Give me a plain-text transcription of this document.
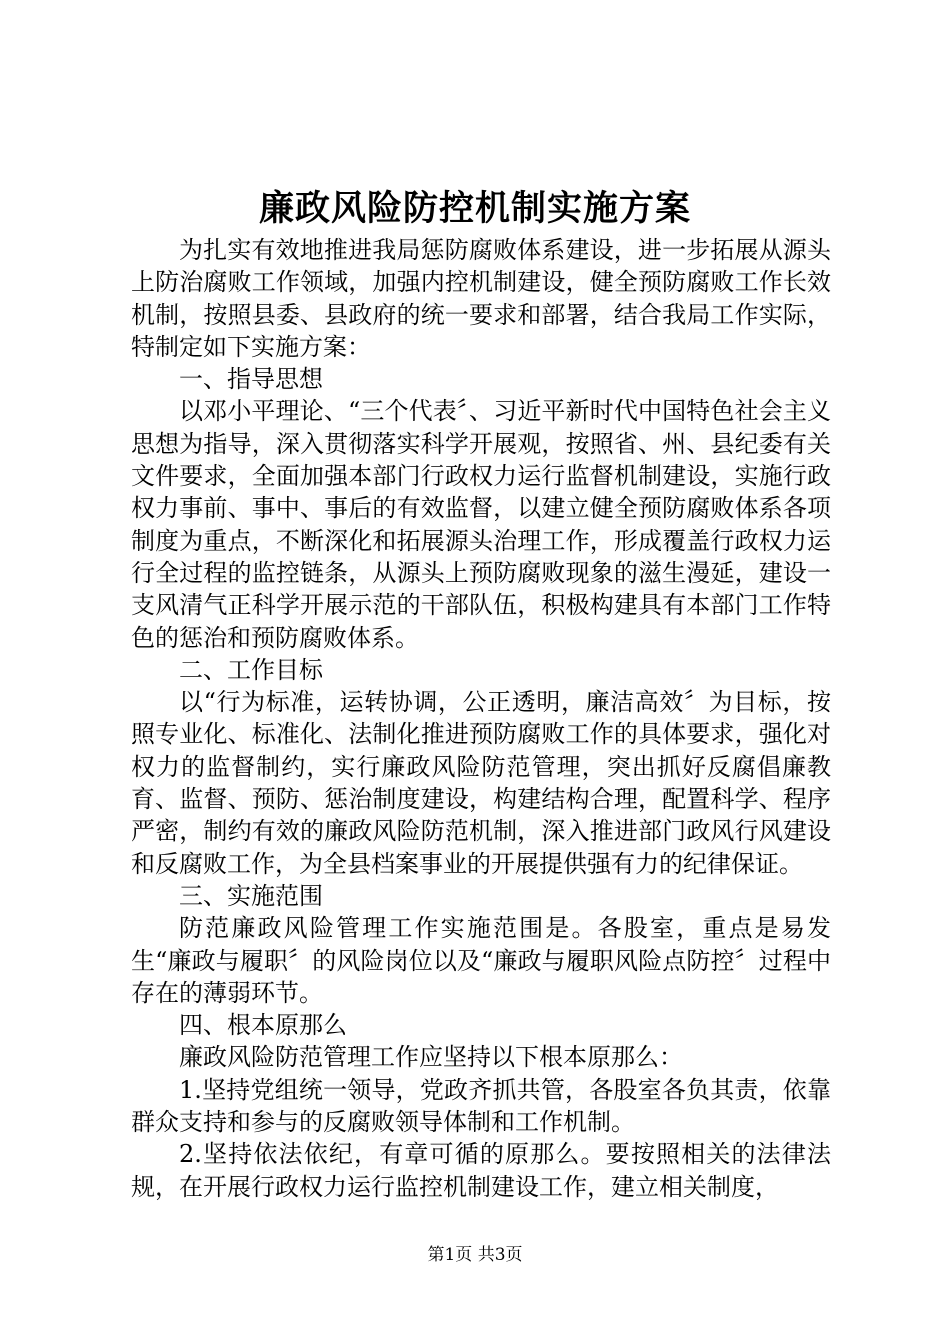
廉政风险防控机制实施方案

为扎实有效地推进我局惩防腐败体系建设，进一步拓展从源头上防治腐败工作领域，加强内控机制建设，健全预防腐败工作长效机制，按照县委、县政府的统一要求和部署，结合我局工作实际，特制定如下实施方案：

一、指导思想

以邓小平理论、“三个代表〞、习近平新时代中国特色社会主义思想为指导，深入贯彻落实科学开展观，按照省、州、县纪委有关文件要求，全面加强本部门行政权力运行监督机制建设，实施行政权力事前、事中、事后的有效监督，以建立健全预防腐败体系各项制度为重点，不断深化和拓展源头治理工作，形成覆盖行政权力运行全过程的监控链条，从源头上预防腐败现象的滋生漫延，建设一支风清气正科学开展示范的干部队伍，积极构建具有本部门工作特色的惩治和预防腐败体系。

二、工作目标

以“行为标准，运转协调，公正透明，廉洁高效〞为目标，按照专业化、标准化、法制化推进预防腐败工作的具体要求，强化对权力的监督制约，实行廉政风险防范管理，突出抓好反腐倡廉教育、监督、预防、惩治制度建设，构建结构合理，配置科学、程序严密，制约有效的廉政风险防范机制，深入推进部门政风行风建设和反腐败工作，为全县档案事业的开展提供强有力的纪律保证。

三、实施范围

防范廉政风险管理工作实施范围是。各股室，重点是易发生“廉政与履职〞的风险岗位以及“廉政与履职风险点防控〞过程中存在的薄弱环节。

四、根本原那么

廉政风险防范管理工作应坚持以下根本原那么：

1.坚持党组统一领导，党政齐抓共管，各股室各负其责，依靠群众支持和参与的反腐败领导体制和工作机制。

2.坚持依法依纪，有章可循的原那么。要按照相关的法律法规，在开展行政权力运行监控机制建设工作，建立相关制度，

第1页 共3页
